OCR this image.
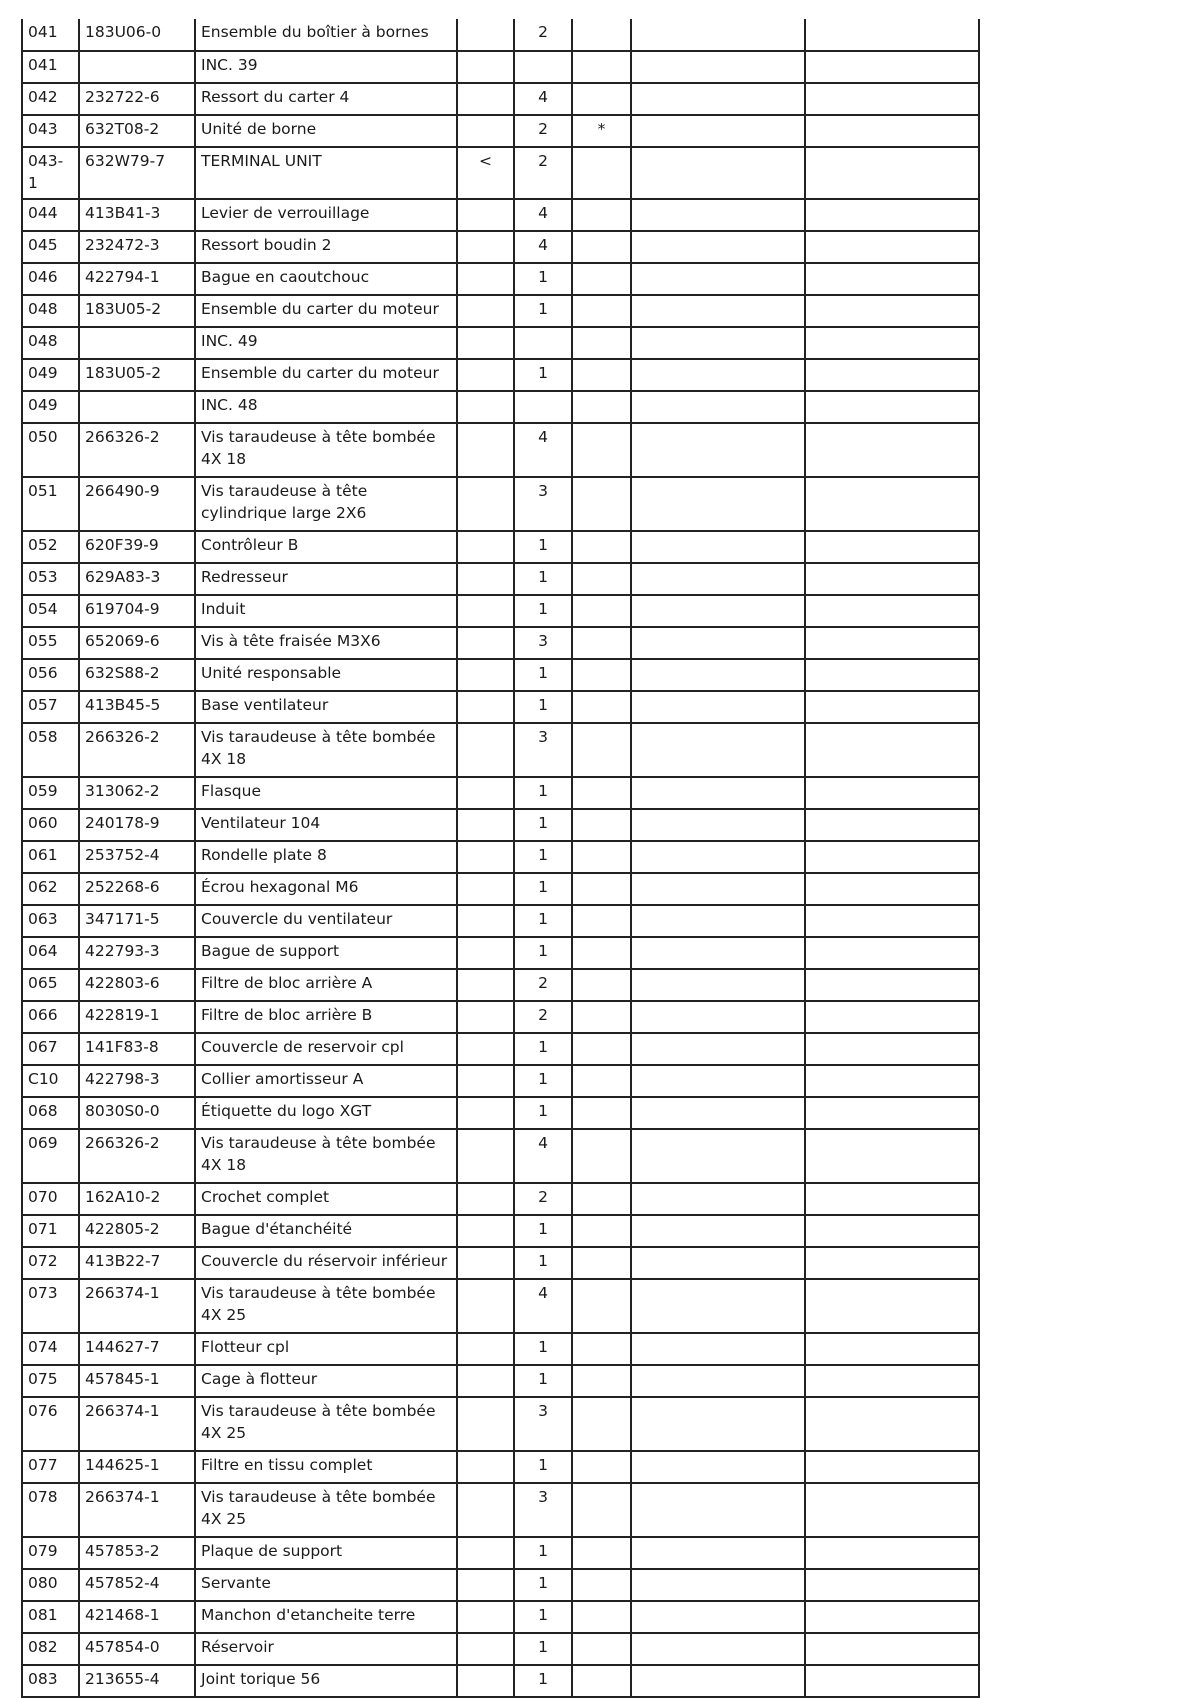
041	183U06-0	Ensemble du boîtier à bornes		2			
041		INC. 39					
042	232722-6	Ressort du carter 4		4			
043	632T08-2	Unité de borne		2	*		
043-1	632W79-7	TERMINAL UNIT	<	2			
044	413B41-3	Levier de verrouillage		4			
045	232472-3	Ressort boudin 2		4			
046	422794-1	Bague en caoutchouc		1			
048	183U05-2	Ensemble du carter du moteur		1			
048		INC. 49					
049	183U05-2	Ensemble du carter du moteur		1			
049		INC. 48					
050	266326-2	Vis taraudeuse à tête bombée 4X 18		4			
051	266490-9	Vis taraudeuse à tête cylindrique large 2X6		3			
052	620F39-9	Contrôleur B		1			
053	629A83-3	Redresseur		1			
054	619704-9	Induit		1			
055	652069-6	Vis à tête fraisée M3X6		3			
056	632S88-2	Unité responsable		1			
057	413B45-5	Base ventilateur		1			
058	266326-2	Vis taraudeuse à tête bombée 4X 18		3			
059	313062-2	Flasque		1			
060	240178-9	Ventilateur 104		1			
061	253752-4	Rondelle plate 8		1			
062	252268-6	Écrou hexagonal M6		1			
063	347171-5	Couvercle du ventilateur		1			
064	422793-3	Bague de support		1			
065	422803-6	Filtre de bloc arrière A		2			
066	422819-1	Filtre de bloc arrière B		2			
067	141F83-8	Couvercle de reservoir cpl		1			
C10	422798-3	Collier amortisseur A		1			
068	8030S0-0	Étiquette du logo XGT		1			
069	266326-2	Vis taraudeuse à tête bombée 4X 18		4			
070	162A10-2	Crochet complet		2			
071	422805-2	Bague d'étanchéité		1			
072	413B22-7	Couvercle du réservoir inférieur		1			
073	266374-1	Vis taraudeuse à tête bombée 4X 25		4			
074	144627-7	Flotteur cpl		1			
075	457845-1	Cage à flotteur		1			
076	266374-1	Vis taraudeuse à tête bombée 4X 25		3			
077	144625-1	Filtre en tissu complet		1			
078	266374-1	Vis taraudeuse à tête bombée 4X 25		3			
079	457853-2	Plaque de support		1			
080	457852-4	Servante		1			
081	421468-1	Manchon d'etancheite terre		1			
082	457854-0	Réservoir		1			
083	213655-4	Joint torique 56		1			
